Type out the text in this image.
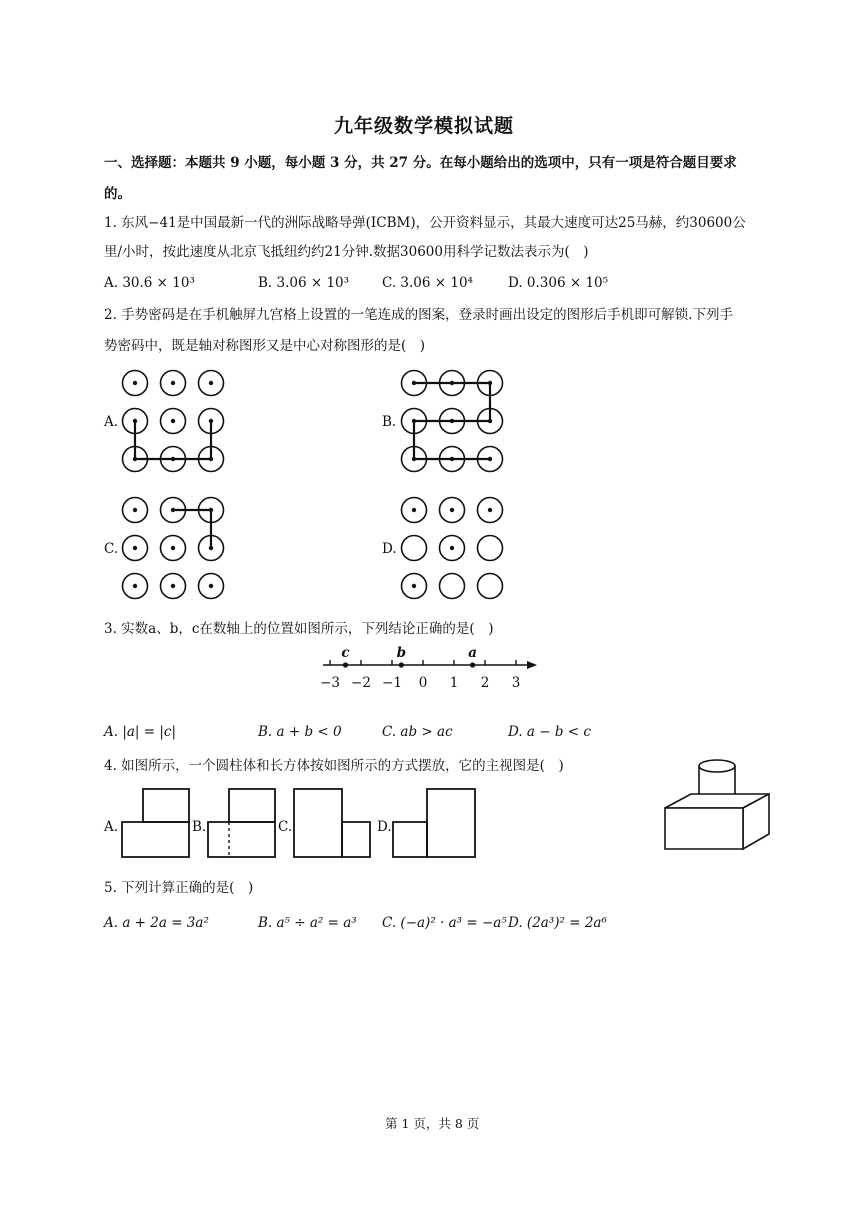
九年级数学模拟试题
一、选择题：本题共 9 小题，每小题 3 分，共 27 分。在每小题给出的选项中，只有一项是符合题目要求
的。
1. 东风−41是中国最新一代的洲际战略导弹(ICBM)，公开资料显示，其最大速度可达25马赫，约30600公
里/小时，按此速度从北京飞抵纽约约21分钟.数据30600用科学记数法表示为(　)
A. 30.6 × 10³	B. 3.06 × 10³ C. 3.06 × 10⁴	D. 0.306 × 10⁵
2. 手势密码是在手机触屏九宫格上设置的一笔连成的图案，登录时画出设定的图形后手机即可解锁.下列手
势密码中，既是轴对称图形又是中心对称图形的是(　)
A.	B.
C.	D.
3. 实数a、b，c在数轴上的位置如图所示，下列结论正确的是(　)
−3 −2 −1 0 1 2 3
c	b	a
A. |a| = |c|	B. a + b < 0	C. ab > ac	D. a − b < c
4. 如图所示，一个圆柱体和长方体按如图所示的方式摆放，它的主视图是(　)
A.	B.	C.	D.
5. 下列计算正确的是(　)
A. a + 2a = 3a²	B. a⁵ ÷ a² = a³ C. (−a)² · a³ = −a⁵ D. (2a³)² = 2a⁶
第 1 页，共 8 页
